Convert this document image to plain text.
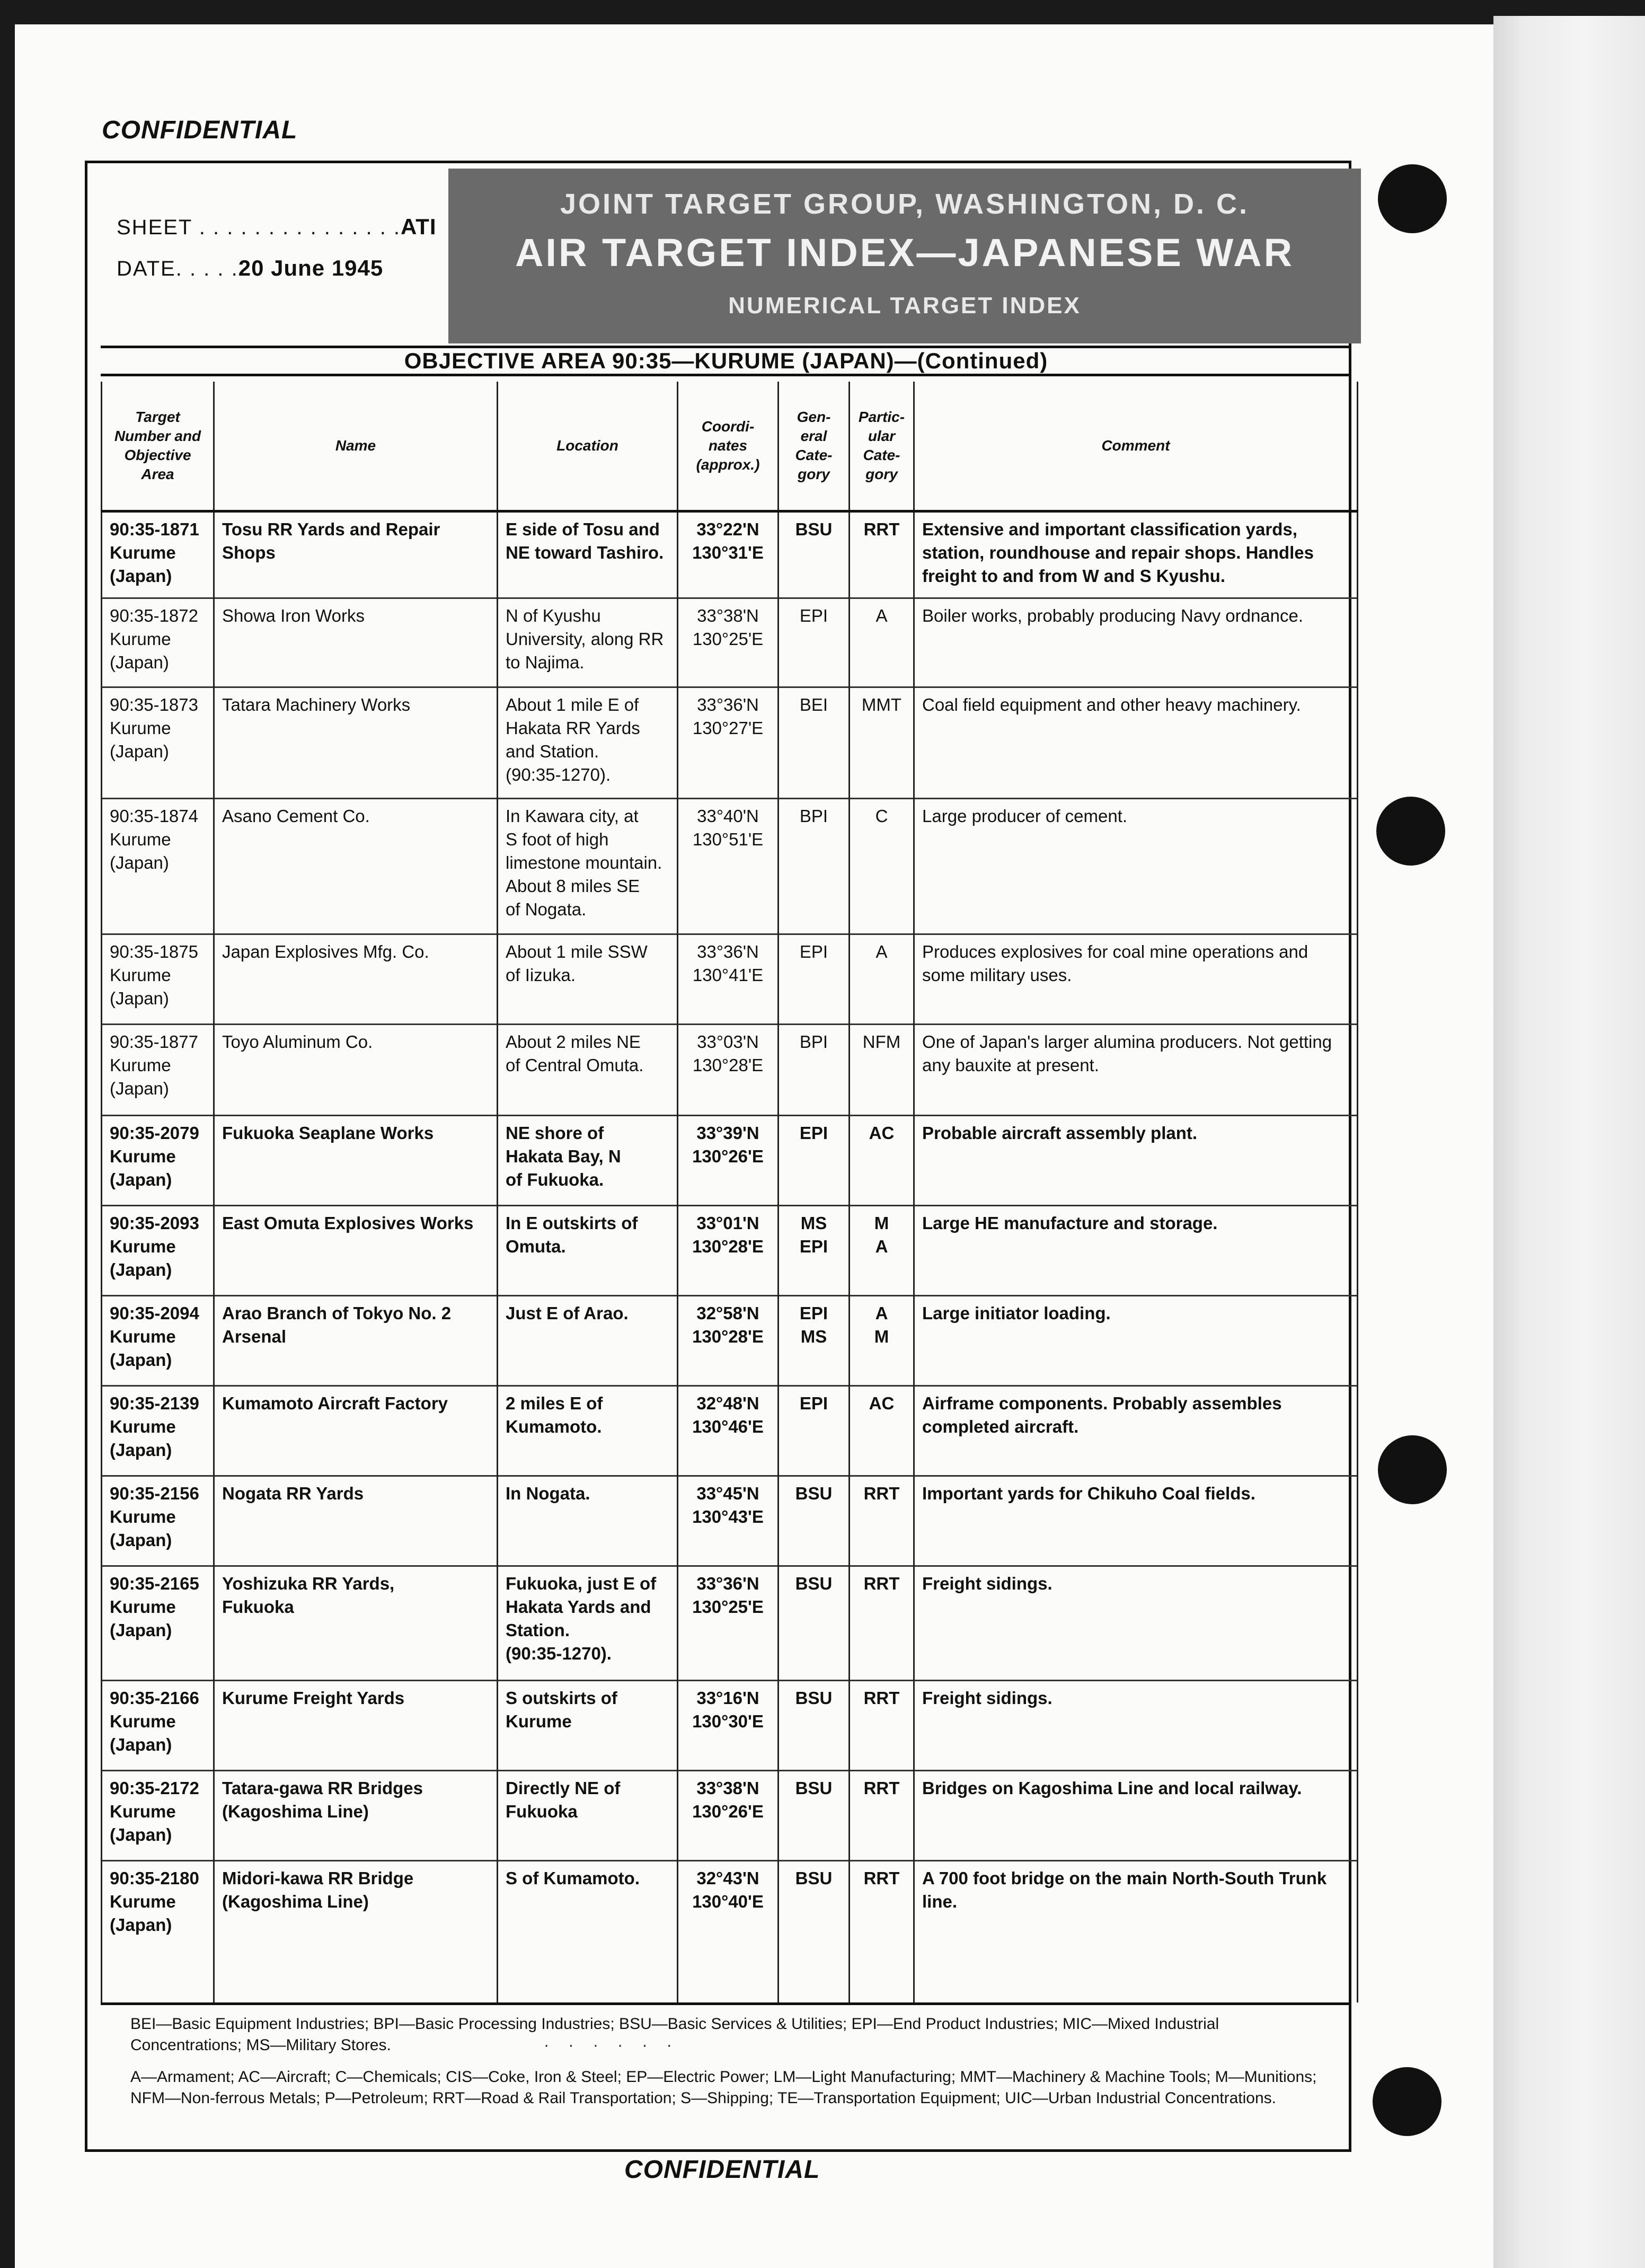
CONFIDENTIAL
SHEET . . . . . . . . . . . . . . .ATI
DATE. . . . .20 June 1945
JOINT TARGET GROUP, WASHINGTON, D. C.
AIR TARGET INDEX—JAPANESE WAR
NUMERICAL TARGET INDEX
OBJECTIVE AREA 90:35—KURUME (JAPAN)—(Continued)
Target
Number and
Objective
Area	Name	Location	Coordi-
nates
(approx.)	Gen-
eral
Cate-
gory	Partic-
ular
Cate-
gory	Comment
90:35-1871
Kurume
(Japan)	Tosu RR Yards and Repair
Shops	E side of Tosu and
NE toward Tashiro.	33°22'N
130°31'E	BSU	RRT	Extensive and important classification yards, station, roundhouse and repair shops. Handles freight to and from W and S Kyushu.
90:35-1872
Kurume
(Japan)	Showa Iron Works	N of Kyushu University, along RR
to Najima.	33°38'N
130°25'E	EPI	A	Boiler works, probably producing Navy ordnance.
90:35-1873
Kurume
(Japan)	Tatara Machinery Works	About 1 mile E of
Hakata RR Yards
and Station.
(90:35-1270).	33°36'N
130°27'E	BEI	MMT	Coal field equipment and other heavy machinery.
90:35-1874
Kurume
(Japan)	Asano Cement Co.	In Kawara city, at
S foot of high limestone mountain.
About 8 miles SE
of Nogata.	33°40'N
130°51'E	BPI	C	Large producer of cement.
90:35-1875
Kurume
(Japan)	Japan Explosives Mfg. Co.	About 1 mile SSW
of Iizuka.	33°36'N
130°41'E	EPI	A	Produces explosives for coal mine operations and some military uses.
90:35-1877
Kurume
(Japan)	Toyo Aluminum Co.	About 2 miles NE
of Central Omuta.	33°03'N
130°28'E	BPI	NFM	One of Japan's larger alumina producers. Not getting any bauxite at present.
90:35-2079
Kurume
(Japan)	Fukuoka Seaplane Works	NE shore of
Hakata Bay, N
of Fukuoka.	33°39'N
130°26'E	EPI	AC	Probable aircraft assembly plant.
90:35-2093
Kurume
(Japan)	East Omuta Explosives Works	In E outskirts of
Omuta.	33°01'N
130°28'E	MS
EPI	M
A	Large HE manufacture and storage.
90:35-2094
Kurume
(Japan)	Arao Branch of Tokyo No. 2
Arsenal	Just E of Arao.	32°58'N
130°28'E	EPI
MS	A
M	Large initiator loading.
90:35-2139
Kurume
(Japan)	Kumamoto Aircraft Factory	2 miles E of Kumamoto.	32°48'N
130°46'E	EPI	AC	Airframe components. Probably assembles completed aircraft.
90:35-2156
Kurume
(Japan)	Nogata RR Yards	In Nogata.	33°45'N
130°43'E	BSU	RRT	Important yards for Chikuho Coal fields.
90:35-2165
Kurume
(Japan)	Yoshizuka RR Yards,
Fukuoka	Fukuoka, just E of
Hakata Yards and
Station.
(90:35-1270).	33°36'N
130°25'E	BSU	RRT	Freight sidings.
90:35-2166
Kurume
(Japan)	Kurume Freight Yards	S outskirts of
Kurume	33°16'N
130°30'E	BSU	RRT	Freight sidings.
90:35-2172
Kurume
(Japan)	Tatara-gawa RR Bridges
(Kagoshima Line)	Directly NE of
Fukuoka	33°38'N
130°26'E	BSU	RRT	Bridges on Kagoshima Line and local railway.
90:35-2180
Kurume
(Japan)	Midori-kawa RR Bridge
(Kagoshima Line)	S of Kumamoto.	32°43'N
130°40'E	BSU	RRT	A 700 foot bridge on the main North-South Trunk line.

BEI—Basic Equipment Industries; BPI—Basic Processing Industries; BSU—Basic Services & Utilities; EPI—End Product Industries; MIC—Mixed Industrial Concentrations; MS—Military Stores.	· · · · · ·

A—Armament; AC—Aircraft; C—Chemicals; CIS—Coke, Iron & Steel; EP—Electric Power; LM—Light Manufacturing; MMT—Machinery & Machine Tools; M—Munitions; NFM—Non-ferrous Metals; P—Petroleum; RRT—Road & Rail Transportation; S—Shipping; TE—Transportation Equipment; UIC—Urban Industrial Concentrations.

CONFIDENTIAL
